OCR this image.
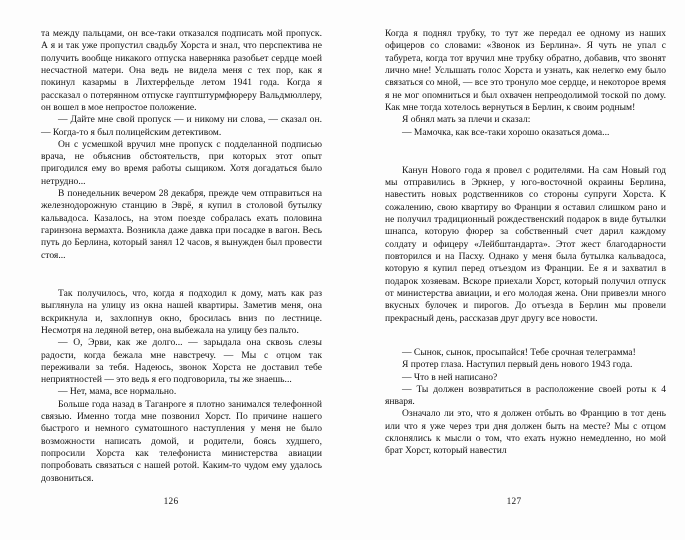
та между пальцами, он все-таки отказался подписать мой пропуск. А я и так уже пропустил свадьбу Хорста и знал, что перспектива не получить вообще никакого отпуска наверняка разобьет сердце моей несчастной матери. Она ведь не видела меня с тех пор, как я покинул казармы в Лихтерфельде летом 1941 года. Когда я рассказал о потерянном отпуске гауптштурмфюреру Вальдмюллеру, он вошел в мое непростое положение.

— Дайте мне свой пропуск — и никому ни слова, — сказал он. — Когда-то я был полицейским детективом.

Он с усмешкой вручил мне пропуск с подделанной подписью врача, не объяснив обстоятельств, при которых этот опыт пригодился ему во время работы сыщиком. Хотя догадаться было нетрудно...

В понедельник вечером 28 декабря, прежде чем отправиться на железнодорожную станцию в Эврё, я купил в столовой бутылку кальвадоса. Казалось, на этом поезде собралась ехать половина гаринзона вермахта. Возникла даже давка при посадке в вагон. Весь путь до Берлина, который занял 12 часов, я вынужден был провести стоя...

Так получилось, что, когда я подходил к дому, мать как раз выглянула на улицу из окна нашей квартиры. Заметив меня, она вскрикнула и, захлопнув окно, бросилась вниз по лестнице. Несмотря на ледяной ветер, она выбежала на улицу без пальто.

— О, Эрви, как же долго... — зарыдала она сквозь слезы радости, когда бежала мне навстречу. — Мы с отцом так переживали за тебя. Надеюсь, звонок Хорста не доставил тебе неприятностей — это ведь я его подговорила, ты же знаешь...

— Нет, мама, все нормально.

Больше года назад в Таганроге я плотно занимался телефонной связью. Именно тогда мне позвонил Хорст. По причине нашего быстрого и немного суматошного наступления у меня не было возможности написать домой, и родители, боясь худшего, попросили Хорста как телефониста министерства авиации попробовать связаться с нашей ротой. Каким-то чудом ему удалось дозвониться.

126

Когда я поднял трубку, то тут же передал ее одному из наших офицеров со словами: «Звонок из Берлина». Я чуть не упал с табурета, когда тот вручил мне трубку обратно, добавив, что звонят лично мне! Услышать голос Хорста и узнать, как нелегко ему было связаться со мной, — все это тронуло мое сердце, и некоторое время я не мог опомниться и был охвачен непреодолимой тоской по дому. Как мне тогда хотелось вернуться в Берлин, к своим родным!

Я обнял мать за плечи и сказал:

— Мамочка, как все-таки хорошо оказаться дома...

Канун Нового года я провел с родителями. На сам Новый год мы отправились в Эркнер, у юго-восточной окраины Берлина, навестить новых родственников со стороны супруги Хорста. К сожалению, свою квартиру во Франции я оставил слишком рано и не получил традиционный рождественский подарок в виде бутылки шнапса, которую фюрер за собственный счет дарил каждому солдату и офицеру «Лейбштандарта». Этот жест благодарности повторился и на Пасху. Однако у меня была бутылка кальвадоса, которую я купил перед отъездом из Франции. Ее я и захватил в подарок хозяевам. Вскоре приехали Хорст, который получил отпуск от министерства авиации, и его молодая жена. Они привезли много вкусных булочек и пирогов. До отъезда в Берлин мы провели прекрасный день, рассказав друг другу все новости.

— Сынок, сынок, просыпайся! Тебе срочная телеграмма!

Я протер глаза. Наступил первый день нового 1943 года.

— Что в ней написано?

— Ты должен возвратиться в расположение своей роты к 4 января.

Означало ли это, что я должен отбыть во Францию в тот день или что я уже через три дня должен быть на месте? Мы с отцом склонялись к мысли о том, что ехать нужно немедленно, но мой брат Хорст, который навестил

127
